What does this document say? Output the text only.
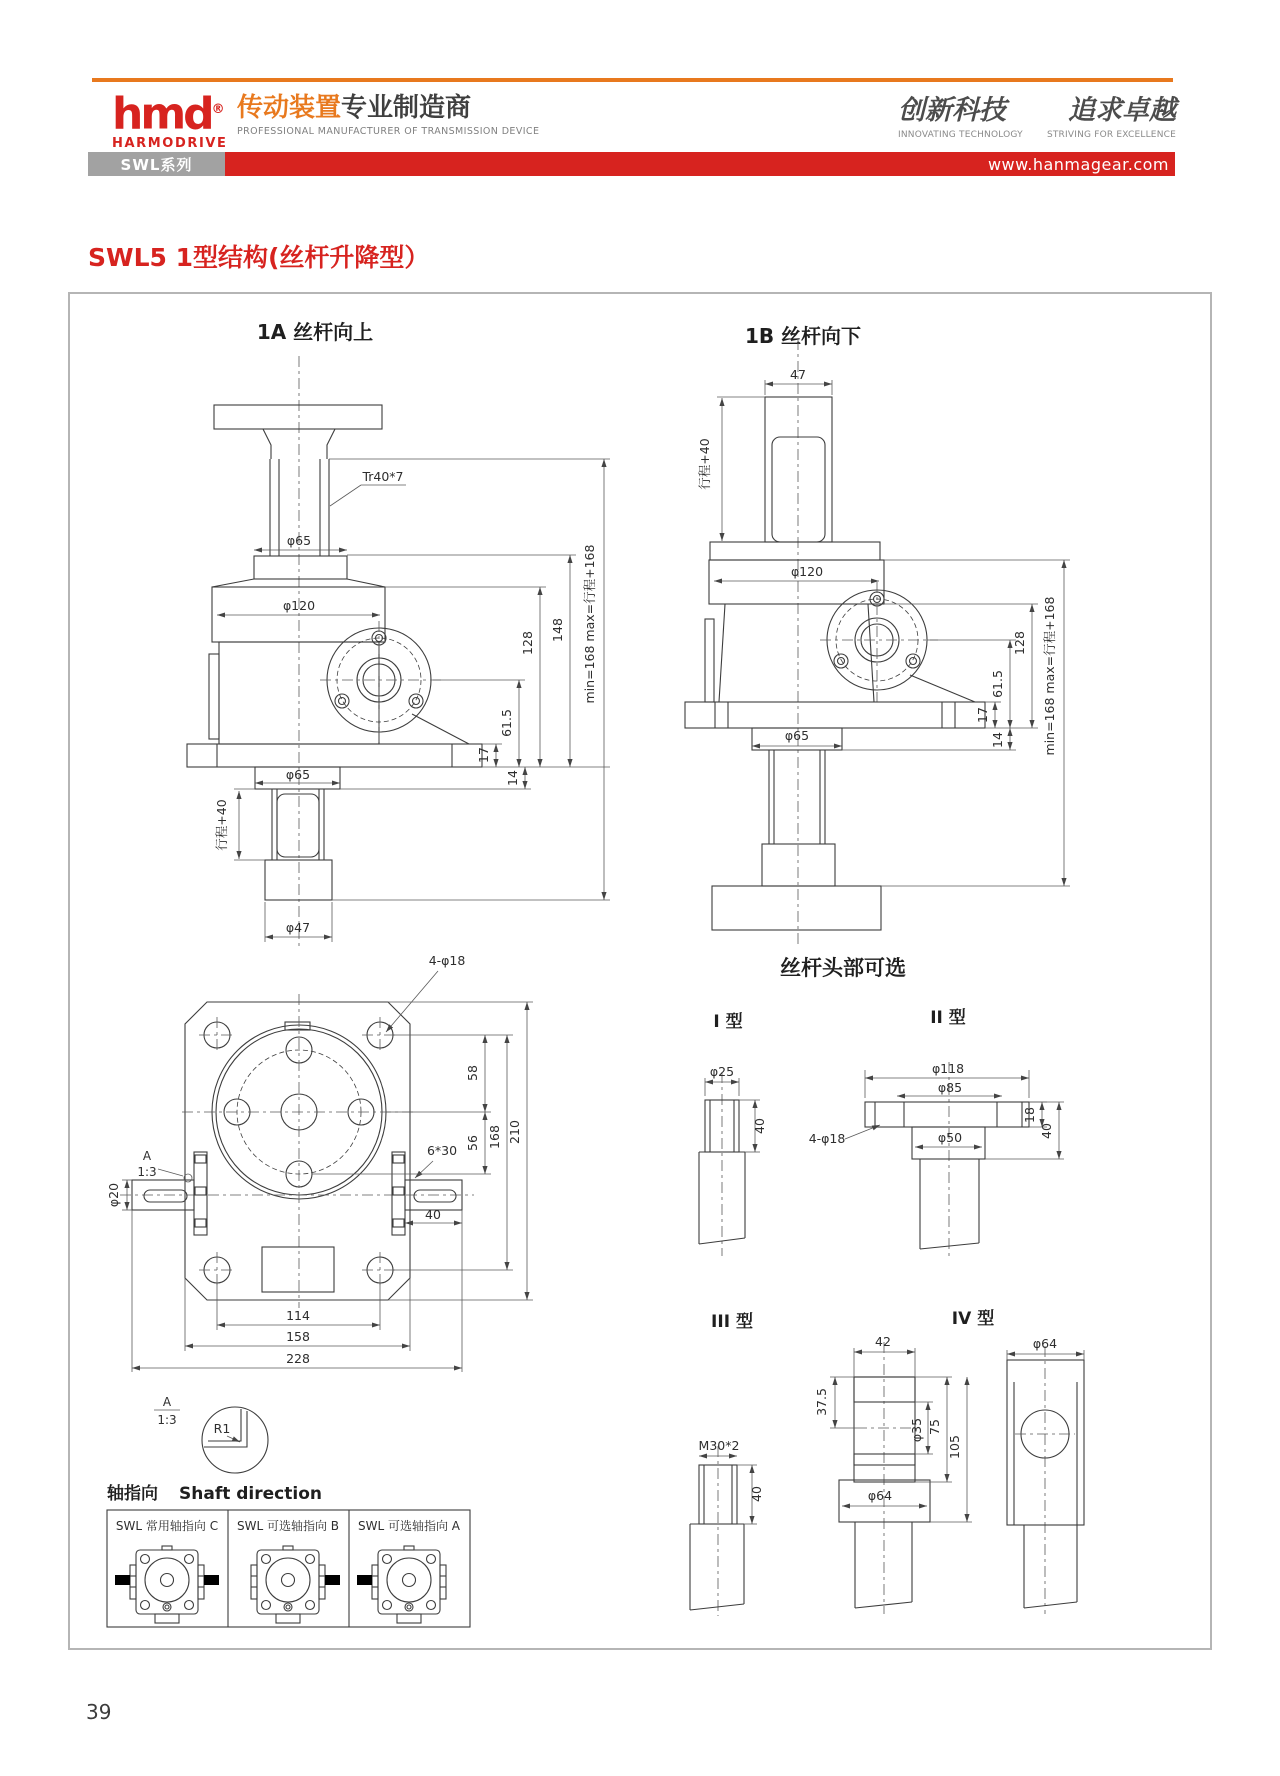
hmd®
HARMODRIVE
传动装置专业制造商
PROFESSIONAL MANUFACTURER OF TRANSMISSION DEVICE
创新科技 追求卓越
INNOVATING TECHNOLOGY	STRIVING FOR EXCELLENCE
SWL系列	www.hanmagear.com
SWL5 1型结构(丝杆升降型）
1A 丝杆向上
Tr40*7
φ65
φ120
φ65
行程+40
φ47
17
14
61.5
128
148 min=168 max=行程+168
1B 丝杆向下
47
行程+40
φ120
φ65
17
61.5
14
128 min=168 max=行程+168
φ20
A
1:3
6*30
40
4-φ18
58
56 168 210
114
158
228
A
1:3
R1
丝杆头部可选
I 型
φ25
40
II 型
φ118
φ85
4-φ18	φ50
18
40
III 型
M30*2
40
IV 型
42
37.5
φ35 75
105
φ64
φ64
轴指向 Shaft direction
SWL 常用轴指向 C SWL 可选轴指向 B SWL 可选轴指向 A
39
